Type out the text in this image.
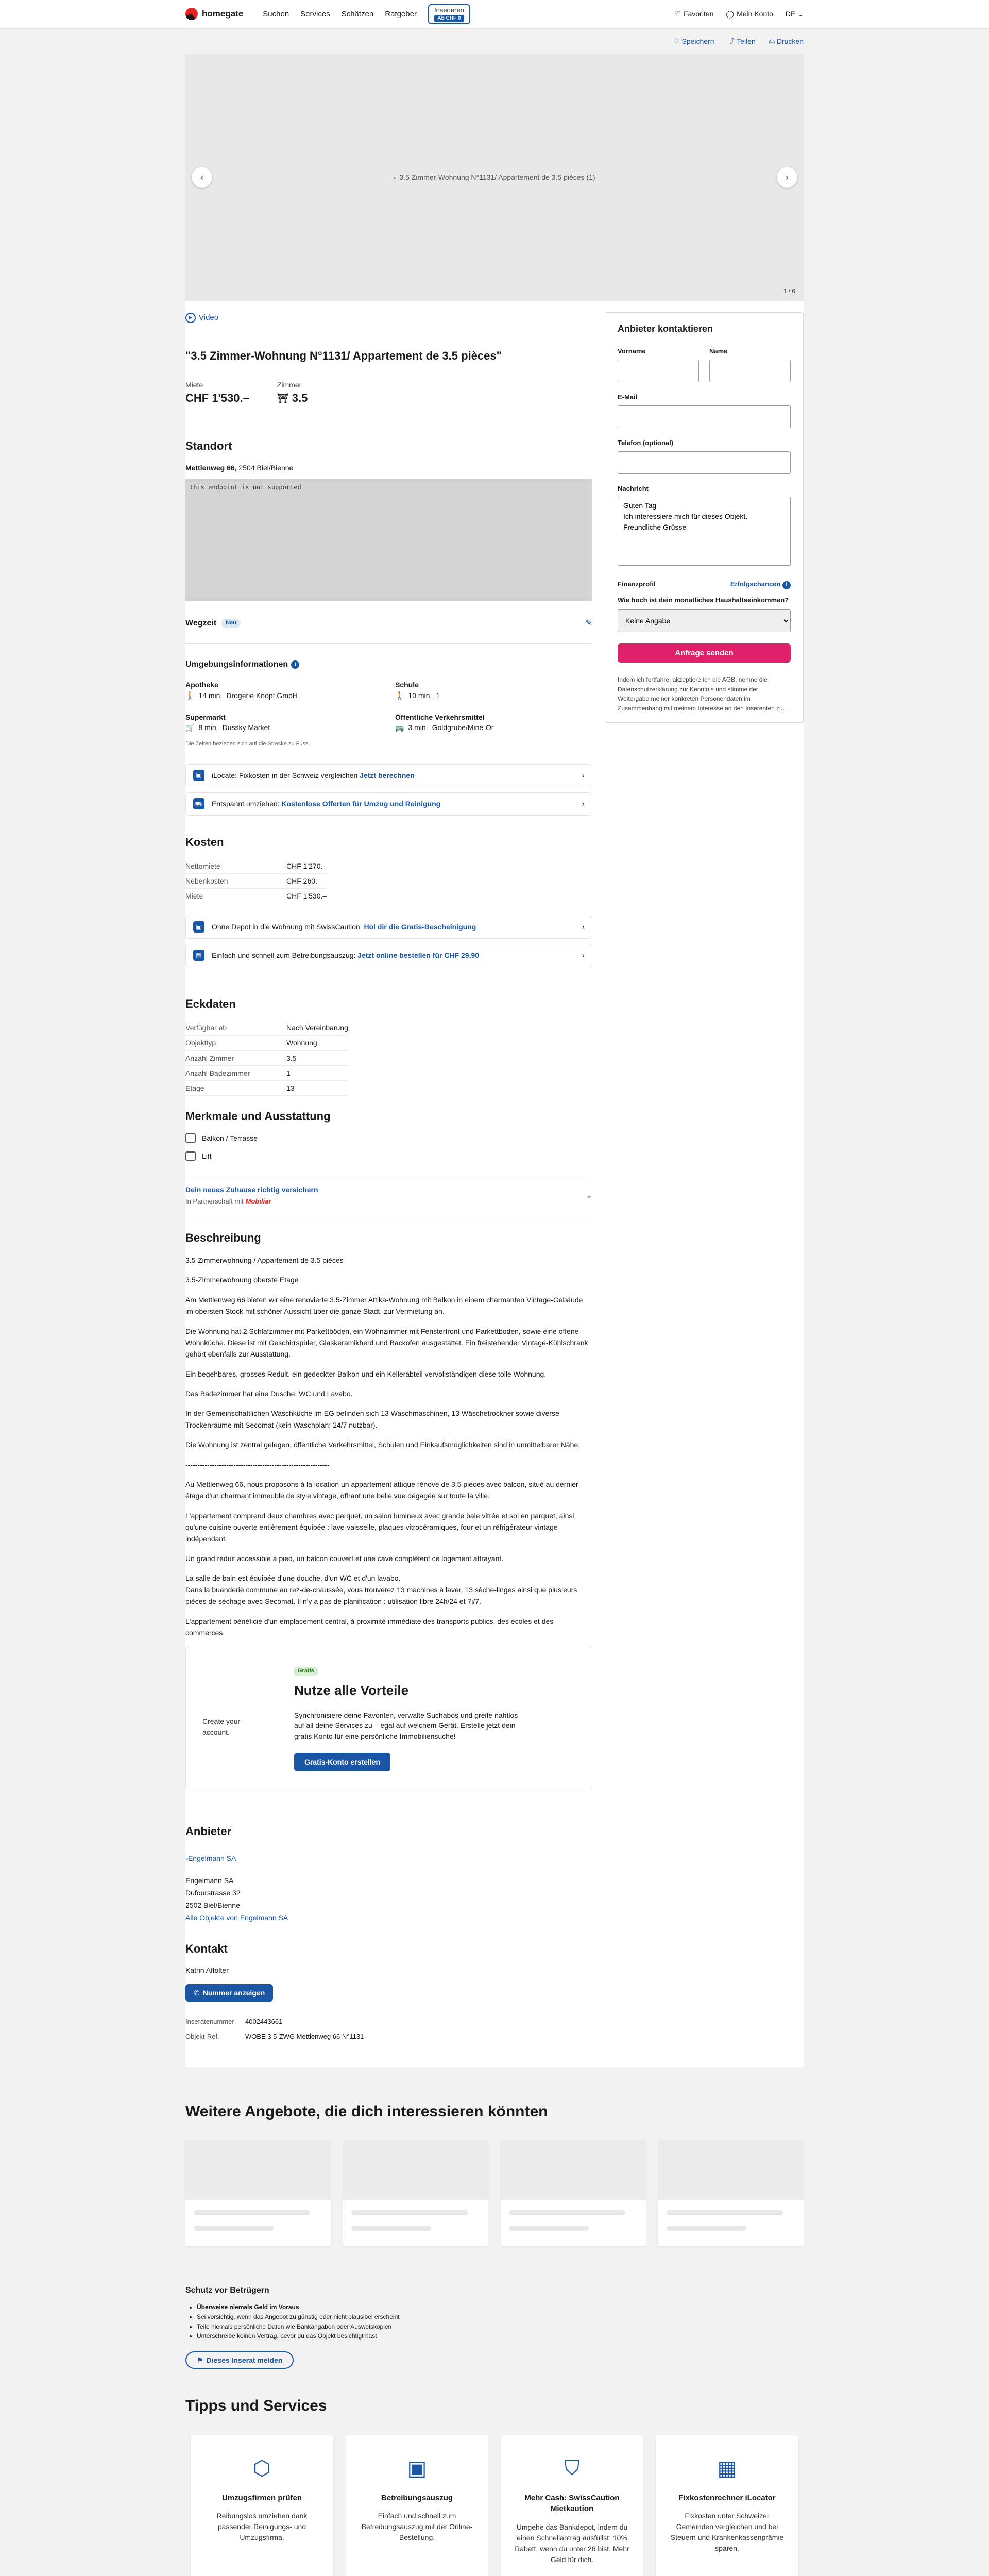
homegate	Suchen Services Schätzen Ratgeber	Inserieren
Ab CHF 0
♡ Favoriten ◯ Mein Konto DE ⌄
♡ Speichern ⤴ Teilen ⎙ Drucken
▫ 3.5 Zimmer-Wohnung N°1131/ Appartement de 3.5 pièces (1)
‹	›
1 / 6
▶ Video
"3.5 Zimmer-Wohnung N°1131/ Appartement de 3.5 pièces"
Miete
CHF 1'530.–
Zimmer
⛩ 3.5
Standort
Mettlenweg 66, 2504 Biel/Bienne
this endpoint is not supported
Wegzeit	Neu	✎
Umgebungsinformationen	i
Apotheke
🚶 14 min. Drogerie Knopf GmbH
Schule
🚶 10 min. 1
Supermarkt
🛒 8 min. Dussky Market
Öffentliche Verkehrsmittel
🚌 3 min. Goldgrube/Mine-Or
Die Zeiten beziehen sich auf die Strecke zu Fuss.
▣	iLocate: Fixkosten in der Schweiz vergleichen Jetzt berechnen	›
⛟ Entspannt umziehen: Kostenlose Offerten für Umzug und Reinigung	›
Kosten
Nettomiete	CHF 1'270.–
Nebenkosten	CHF 260.–
Miete	CHF 1'530.–
▣	Ohne Depot in die Wohnung mit SwissCaution: Hol dir die Gratis-Bescheinigung	›
▤	Einfach und schnell zum Betreibungsauszug: Jetzt online bestellen für CHF 29.90	›
Eckdaten
Verfügbar ab	Nach Vereinbarung
Objekttyp	Wohnung
Anzahl Zimmer	3.5
Anzahl Badezimmer	1
Etage	13
Merkmale und Ausstattung
Balkon / Terrasse
Lift
Dein neues Zuhause richtig versichern
In Partnerschaft mit Mobiliar
⌄
Beschreibung

3.5-Zimmerwohnung / Appartement de 3.5 pièces

3.5-Zimmerwohnung oberste Etage

Am Mettlenweg 66 bieten wir eine renovierte 3.5-Zimmer Attika-Wohnung mit Balkon in einem charmanten Vintage-Gebäude im obersten Stock mit schöner Aussicht über die ganze Stadt, zur Vermietung an.

Die Wohnung hat 2 Schlafzimmer mit Parkettböden, ein Wohnzimmer mit Fensterfront und Parkettboden, sowie eine offene Wohnküche. Diese ist mit Geschirrspüler, Glaskeramikherd und Backofen ausgestattet. Ein freistehender Vintage-Kühlschrank gehört ebenfalls zur Ausstattung.

Ein begehbares, grosses Reduit, ein gedeckter Balkon und ein Kellerabteil vervollständigen diese tolle Wohnung.

Das Badezimmer hat eine Dusche, WC und Lavabo.

In der Gemeinschaftlichen Waschküche im EG befinden sich 13 Waschmaschinen, 13 Wäschetrockner sowie diverse Trockenräume mit Secomat (kein Waschplan; 24/7 nutzbar).

Die Wohnung ist zentral gelegen, öffentliche Verkehrsmittel, Schulen und Einkaufsmöglichkeiten sind in unmittelbarer Nähe.

------------------------------------------------------------

Au Mettlenweg 66, nous proposons à la location un appartement attique rénové de 3.5 pièces avec balcon, situé au dernier étage d'un charmant immeuble de style vintage, offrant une belle vue dégagée sur toute la ville.

L'appartement comprend deux chambres avec parquet, un salon lumineux avec grande baie vitrée et sol en parquet, ainsi qu'une cuisine ouverte entièrement équipée : lave-vaisselle, plaques vitrocéramiques, four et un réfrigérateur vintage indépendant.

Un grand réduit accessible à pied, un balcon couvert et une cave complètent ce logement attrayant.

La salle de bain est équipée d'une douche, d'un WC et d'un lavabo.
Dans la buanderie commune au rez-de-chaussée, vous trouverez 13 machines à laver, 13 sèche-linges ainsi que plusieurs pièces de séchage avec Secomat. Il n'y a pas de planification : utilisation libre 24h/24 et 7j/7.

L'appartement bénéficie d'un emplacement central, à proximité immédiate des transports publics, des écoles et des commerces.

Create your account.
Gratis
Nutze alle Vorteile

Synchronisiere deine Favoriten, verwalte Suchabos und greife nahtlos auf all deine Services zu – egal auf welchem Gerät. Erstelle jetzt dein gratis Konto für eine persönliche Immobiliensuche!

Gratis-Konto erstellen
Anbieter
▫Engelmann SA
Engelmann SA
Dufourstrasse 32
2502 Biel/Bienne
Alle Objekte von Engelmann SA
Kontakt
Katrin Affolter
✆ Nummer anzeigen
Inseratenummer	4002443661
Objekt-Ref.	WOBE 3.5-ZWG Mettlenweg 66 N°1131
Anbieter kontaktieren
Vorname	Name
E-Mail
Telefon (optional)
Nachricht
Guten Tag Ich interessiere mich für dieses Objekt. Freundliche Grüsse
Finanzprofil	Erfolgschancen i
Wie hoch ist dein monatliches Haushaltseinkommen?
Keine Angabe
Anfrage senden
Indem ich fortfahre, akzeptiere ich die AGB, nehme die Datenschutzerklärung zur Kenntnis und stimme der Weitergabe meiner konkreten Personendaten im Zusammenhang mit meinem Interesse an den Inserenten zu.
Weitere Angebote, die dich interessieren könnten
Schutz vor Betrügern
• Überweise niemals Geld im Voraus
• Sei vorsichtig, wenn das Angebot zu günstig oder nicht plausibel erscheint
• Teile niemals persönliche Daten wie Bankangaben oder Ausweiskopien
• Unterschreibe keinen Vertrag, bevor du das Objekt besichtigt hast
⚑ Dieses Inserat melden
Tipps und Services
⬡
Umzugsfirmen prüfen

Reibungslos umziehen dank passender Reinigungs- und Umzugsfirma.

▣
Betreibungsauszug

Einfach und schnell zum Betreibungsauszug mit der Online-Bestellung.

⛉
Mehr Cash: SwissCaution Mietkaution

Umgehe das Bankdepot, indem du einen Schnellantrag ausfüllst: 10% Rabatt, wenn du unter 26 bist. Mehr Geld für dich.

▦
Fixkostenrechner iLocator

Fixkosten unter Schweizer Gemeinden vergleichen und bei Steuern und Krankenkassenprämie sparen.
